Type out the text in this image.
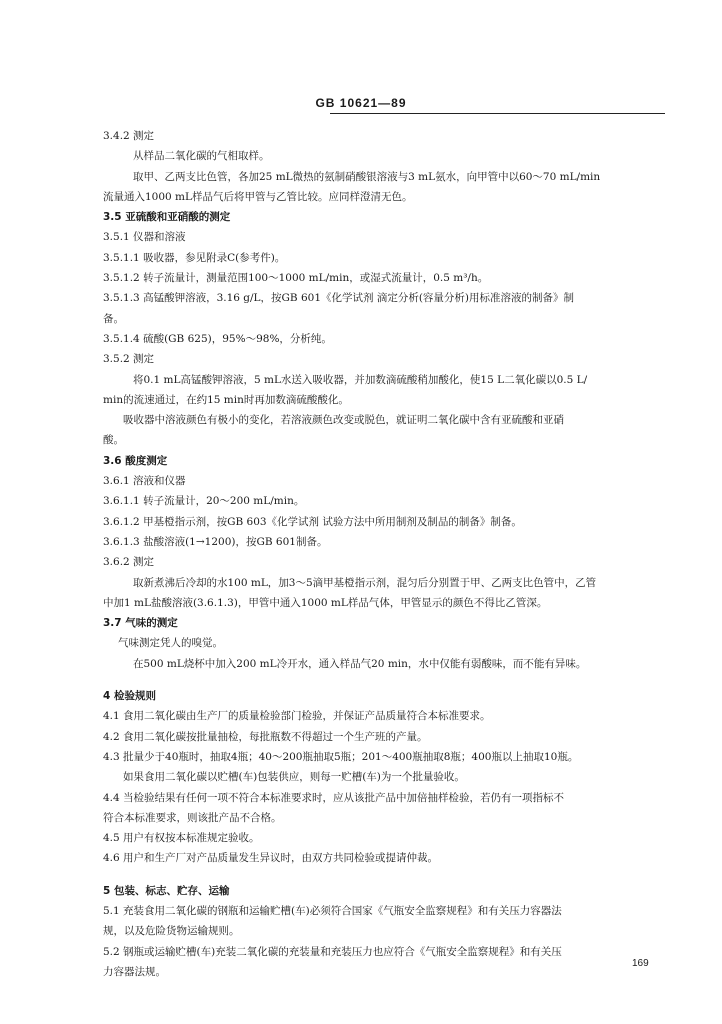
GB 10621—89
3.4.2 测定
从样品二氧化碳的气相取样。
取甲、乙两支比色管，各加25 mL微热的氨制硝酸银溶液与3 mL氨水，向甲管中以60～70 mL/min
流量通入1000 mL样品气后将甲管与乙管比较。应同样澄清无色。
3.5 亚硫酸和亚硝酸的测定
3.5.1 仪器和溶液
3.5.1.1 吸收器，参见附录C(参考件)。
3.5.1.2 转子流量计，测量范围100～1000 mL/min，或湿式流量计，0.5 m³/h。
3.5.1.3 高锰酸钾溶液，3.16 g/L，按GB 601《化学试剂 滴定分析(容量分析)用标准溶液的制备》制
备。
3.5.1.4 硫酸(GB 625)，95%～98%，分析纯。
3.5.2 测定
将0.1 mL高锰酸钾溶液，5 mL水送入吸收器，并加数滴硫酸稍加酸化，使15 L二氧化碳以0.5 L/
min的流速通过，在约15 min时再加数滴硫酸酸化。
吸收器中溶液颜色有极小的变化，若溶液颜色改变或脱色，就证明二氧化碳中含有亚硫酸和亚硝
酸。
3.6 酸度测定
3.6.1 溶液和仪器
3.6.1.1 转子流量计，20～200 mL/min。
3.6.1.2 甲基橙指示剂，按GB 603《化学试剂 试验方法中所用制剂及制品的制备》制备。
3.6.1.3 盐酸溶液(1→1200)，按GB 601制备。
3.6.2 测定
取新煮沸后冷却的水100 mL，加3～5滴甲基橙指示剂，混匀后分别置于甲、乙两支比色管中，乙管
中加1 mL盐酸溶液(3.6.1.3)，甲管中通入1000 mL样品气体，甲管显示的颜色不得比乙管深。
3.7 气味的测定
气味测定凭人的嗅觉。
在500 mL烧杯中加入200 mL冷开水，通入样品气20 min，水中仅能有弱酸味，而不能有异味。
4 检验规则
4.1 食用二氧化碳由生产厂的质量检验部门检验，并保证产品质量符合本标准要求。
4.2 食用二氧化碳按批量抽检，每批瓶数不得超过一个生产班的产量。
4.3 批量少于40瓶时，抽取4瓶；40～200瓶抽取5瓶；201～400瓶抽取8瓶；400瓶以上抽取10瓶。
如果食用二氧化碳以贮槽(车)包装供应，则每一贮槽(车)为一个批量验收。
4.4 当检验结果有任何一项不符合本标准要求时，应从该批产品中加倍抽样检验，若仍有一项指标不
符合本标准要求，则该批产品不合格。
4.5 用户有权按本标准规定验收。
4.6 用户和生产厂对产品质量发生异议时，由双方共同检验或提请仲裁。
5 包装、标志、贮存、运输
5.1 充装食用二氧化碳的钢瓶和运输贮槽(车)必须符合国家《气瓶安全监察规程》和有关压力容器法
规，以及危险货物运输规则。
5.2 钢瓶或运输贮槽(车)充装二氧化碳的充装量和充装压力也应符合《气瓶安全监察规程》和有关压
力容器法规。
169
